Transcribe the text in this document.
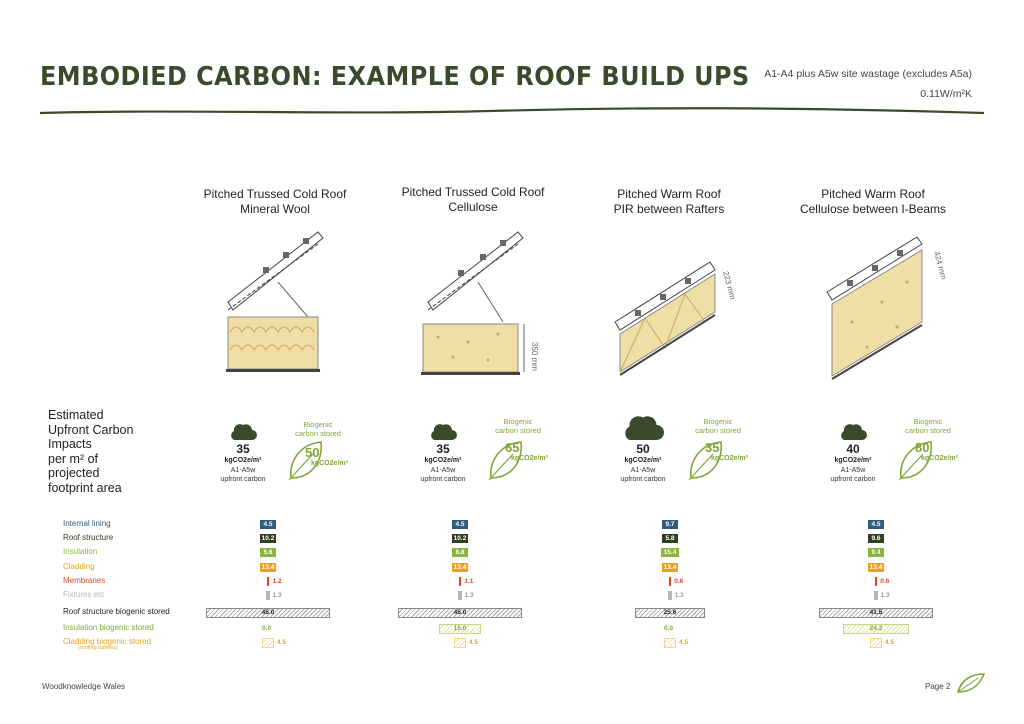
EMBODIED CARBON: EXAMPLE OF ROOF BUILD UPS A1-A4 plus A5w site wastage (excludes A5a)
0.11W/m²K
Pitched Trussed Cold Roof
Mineral Wool
Pitched Trussed Cold Roof
Cellulose
Pitched Warm Roof
PIR between Rafters
Pitched Warm Roof
Cellulose between I-Beams
350 mm
223 mm
424 mm
Estimated
Upfront Carbon
Impacts
per m² of
projected
footprint area
35
kgCO2e/m²
A1-A5w
upfront carbon
Biogenic
carbon stored
50
kgCO2e/m²
35
kgCO2e/m²
A1-A5w
upfront carbon
Biogenic
carbon stored
65
kgCO2e/m²
50
kgCO2e/m²
A1-A5w
upfront carbon
Biogenic
carbon stored
35
kgCO2e/m²
40
kgCO2e/m²
A1-A5w
upfront carbon
Biogenic
carbon stored
80
kgCO2e/m²
Internal lining
Roof structure
Insulation
Cladding
Membranes
Fixtures etc
Roof structure biogenic stored
Insulation biogenic stored
Cladding biogenic stored
(roofing battens)
4.5
10.2
5.6
13.4
1.2
1.3
45.0
0.0
4.5
4.5
10.2
6.8
13.4
1.1
1.3
45.0
15.0
4.5
9.7
5.8
15.4
13.4
0.6
1.3
25.6
0.0
4.5
4.5
9.6
9.4
13.4
0.6
1.3
41.5
24.2
4.5
Woodknowledge Wales	Page 2
